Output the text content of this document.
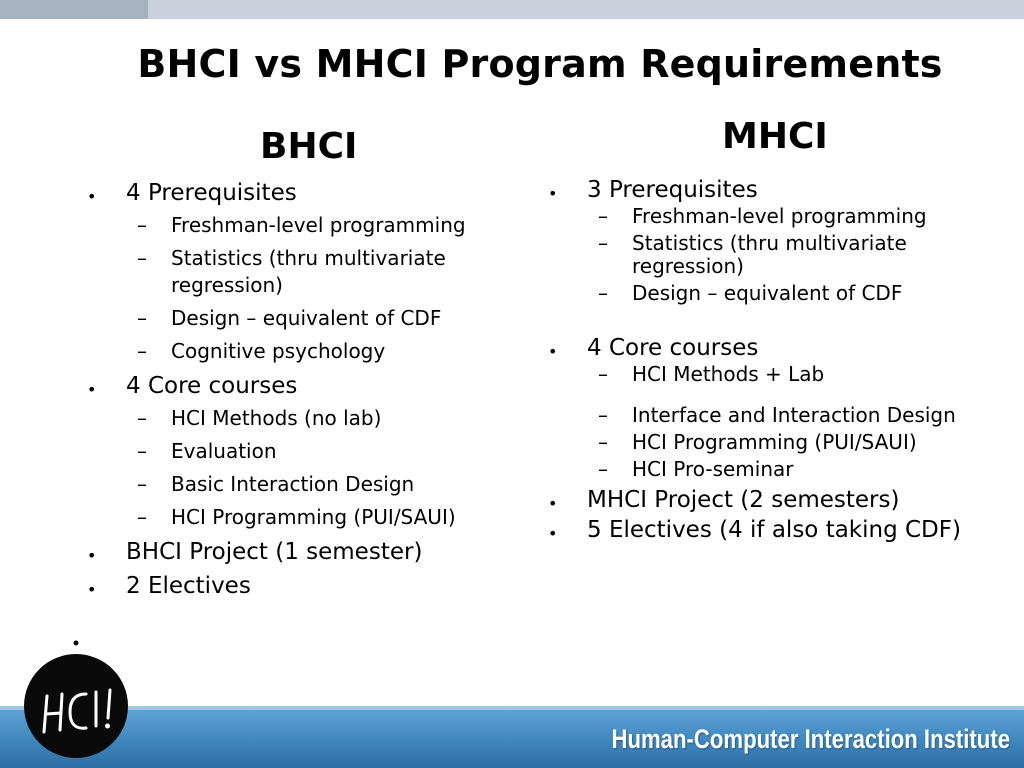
BHCI vs MHCI Program Requirements
BHCI	MHCI
• 4 Prerequisites
– Freshman-level programming
– Statistics (thru multivariate regression)
– Design – equivalent of CDF
– Cognitive psychology
• 4 Core courses
– HCI Methods (no lab)
– Evaluation
– Basic Interaction Design
– HCI Programming (PUI/SAUI)
• BHCI Project (1 semester)
• 2 Electives
• 3 Prerequisites
– Freshman-level programming
– Statistics (thru multivariate regression)
– Design – equivalent of CDF
• 4 Core courses
– HCI Methods + Lab
– Interface and Interaction Design
– HCI Programming (PUI/SAUI)
– HCI Pro-seminar
• MHCI Project (2 semesters)
• 5 Electives (4 if also taking CDF)
Human-Computer Interaction Institute
